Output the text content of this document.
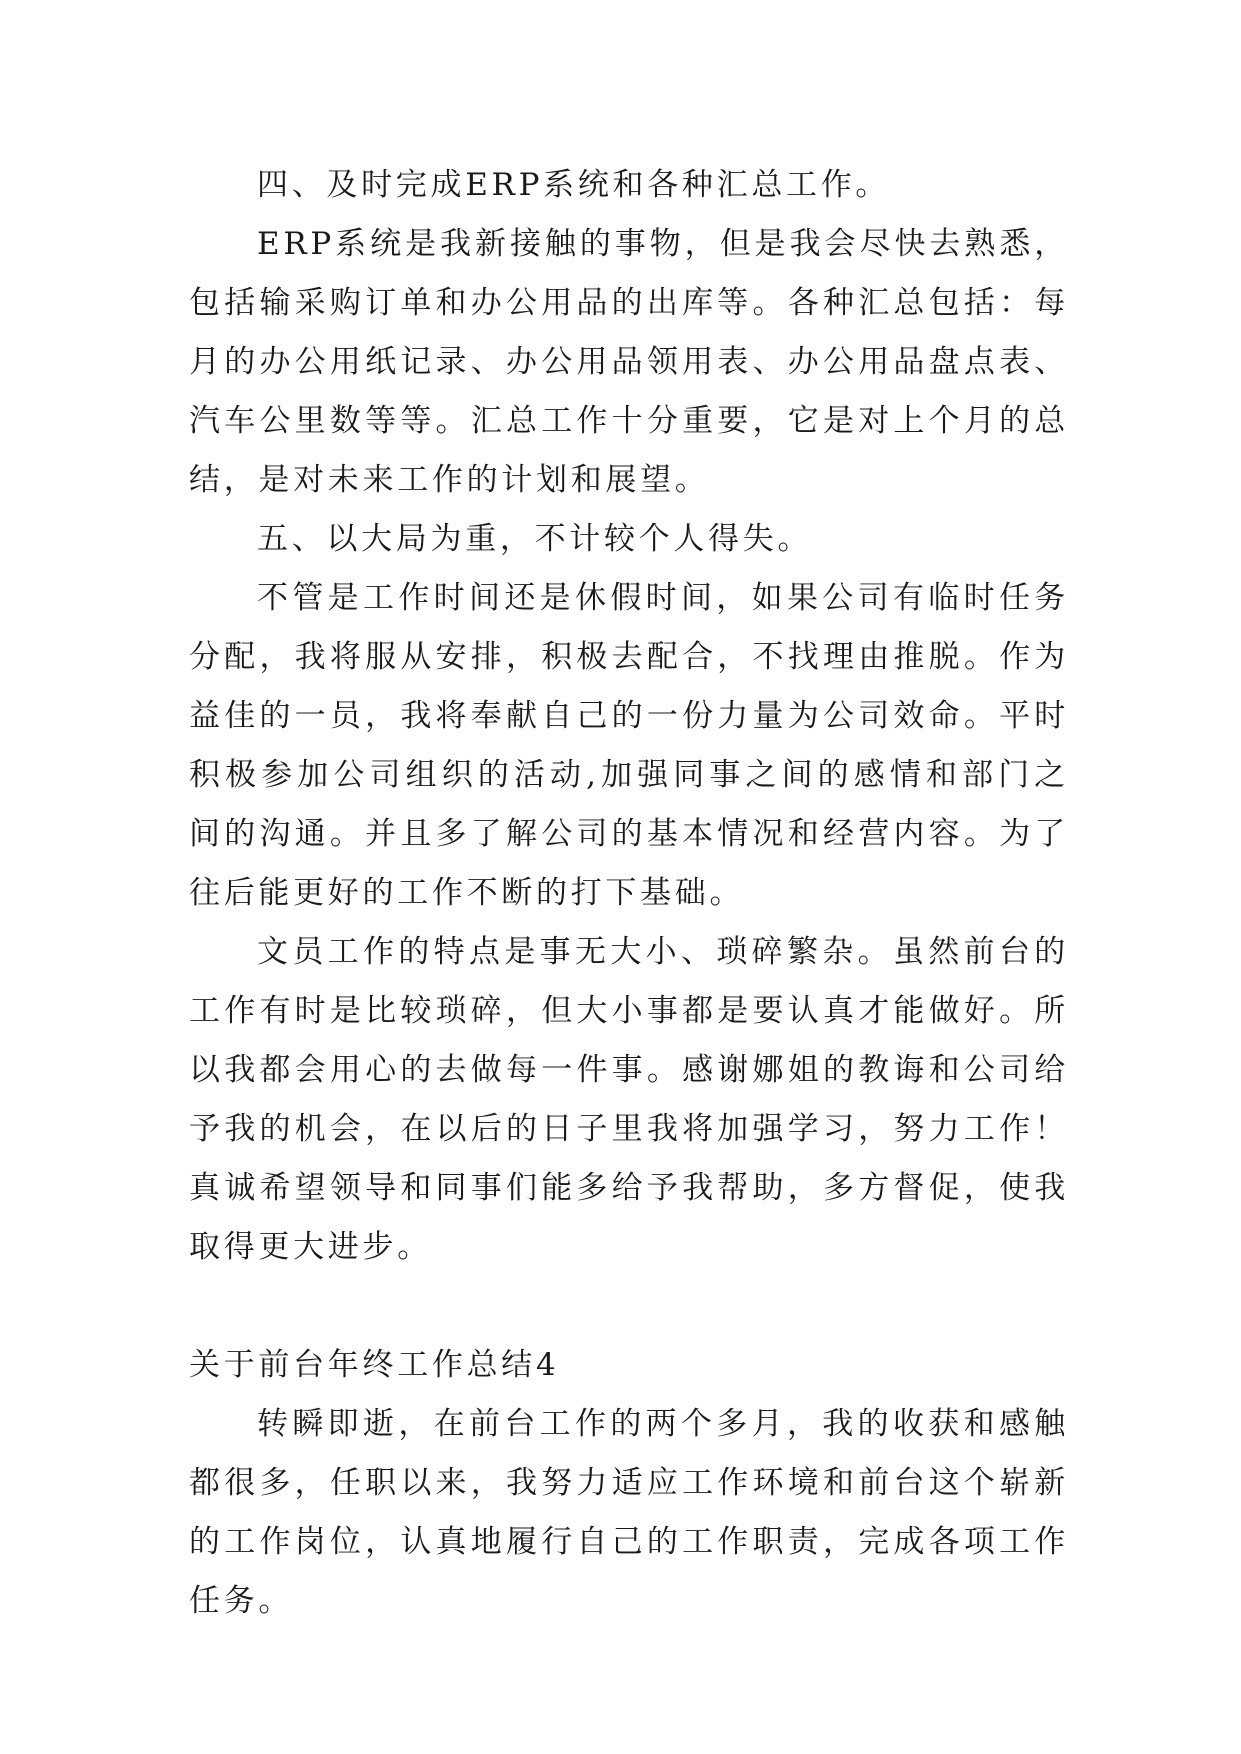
四、及时完成ERP系统和各种汇总工作。

ERP系统是我新接触的事物，但是我会尽快去熟悉，包括输采购订单和办公用品的出库等。各种汇总包括：每月的办公用纸记录、办公用品领用表、办公用品盘点表、汽车公里数等等。汇总工作十分重要，它是对上个月的总结，是对未来工作的计划和展望。

五、以大局为重，不计较个人得失。

不管是工作时间还是休假时间，如果公司有临时任务分配，我将服从安排，积极去配合，不找理由推脱。作为益佳的一员，我将奉献自己的一份力量为公司效命。平时积极参加公司组织的活动,加强同事之间的感情和部门之间的沟通。并且多了解公司的基本情况和经营内容。为了往后能更好的工作不断的打下基础。

文员工作的特点是事无大小、琐碎繁杂。虽然前台的工作有时是比较琐碎，但大小事都是要认真才能做好。所以我都会用心的去做每一件事。感谢娜姐的教诲和公司给予我的机会，在以后的日子里我将加强学习，努力工作！真诚希望领导和同事们能多给予我帮助，多方督促，使我取得更大进步。

关于前台年终工作总结4

转瞬即逝，在前台工作的两个多月，我的收获和感触都很多，任职以来，我努力适应工作环境和前台这个崭新的工作岗位，认真地履行自己的工作职责，完成各项工作任务。
